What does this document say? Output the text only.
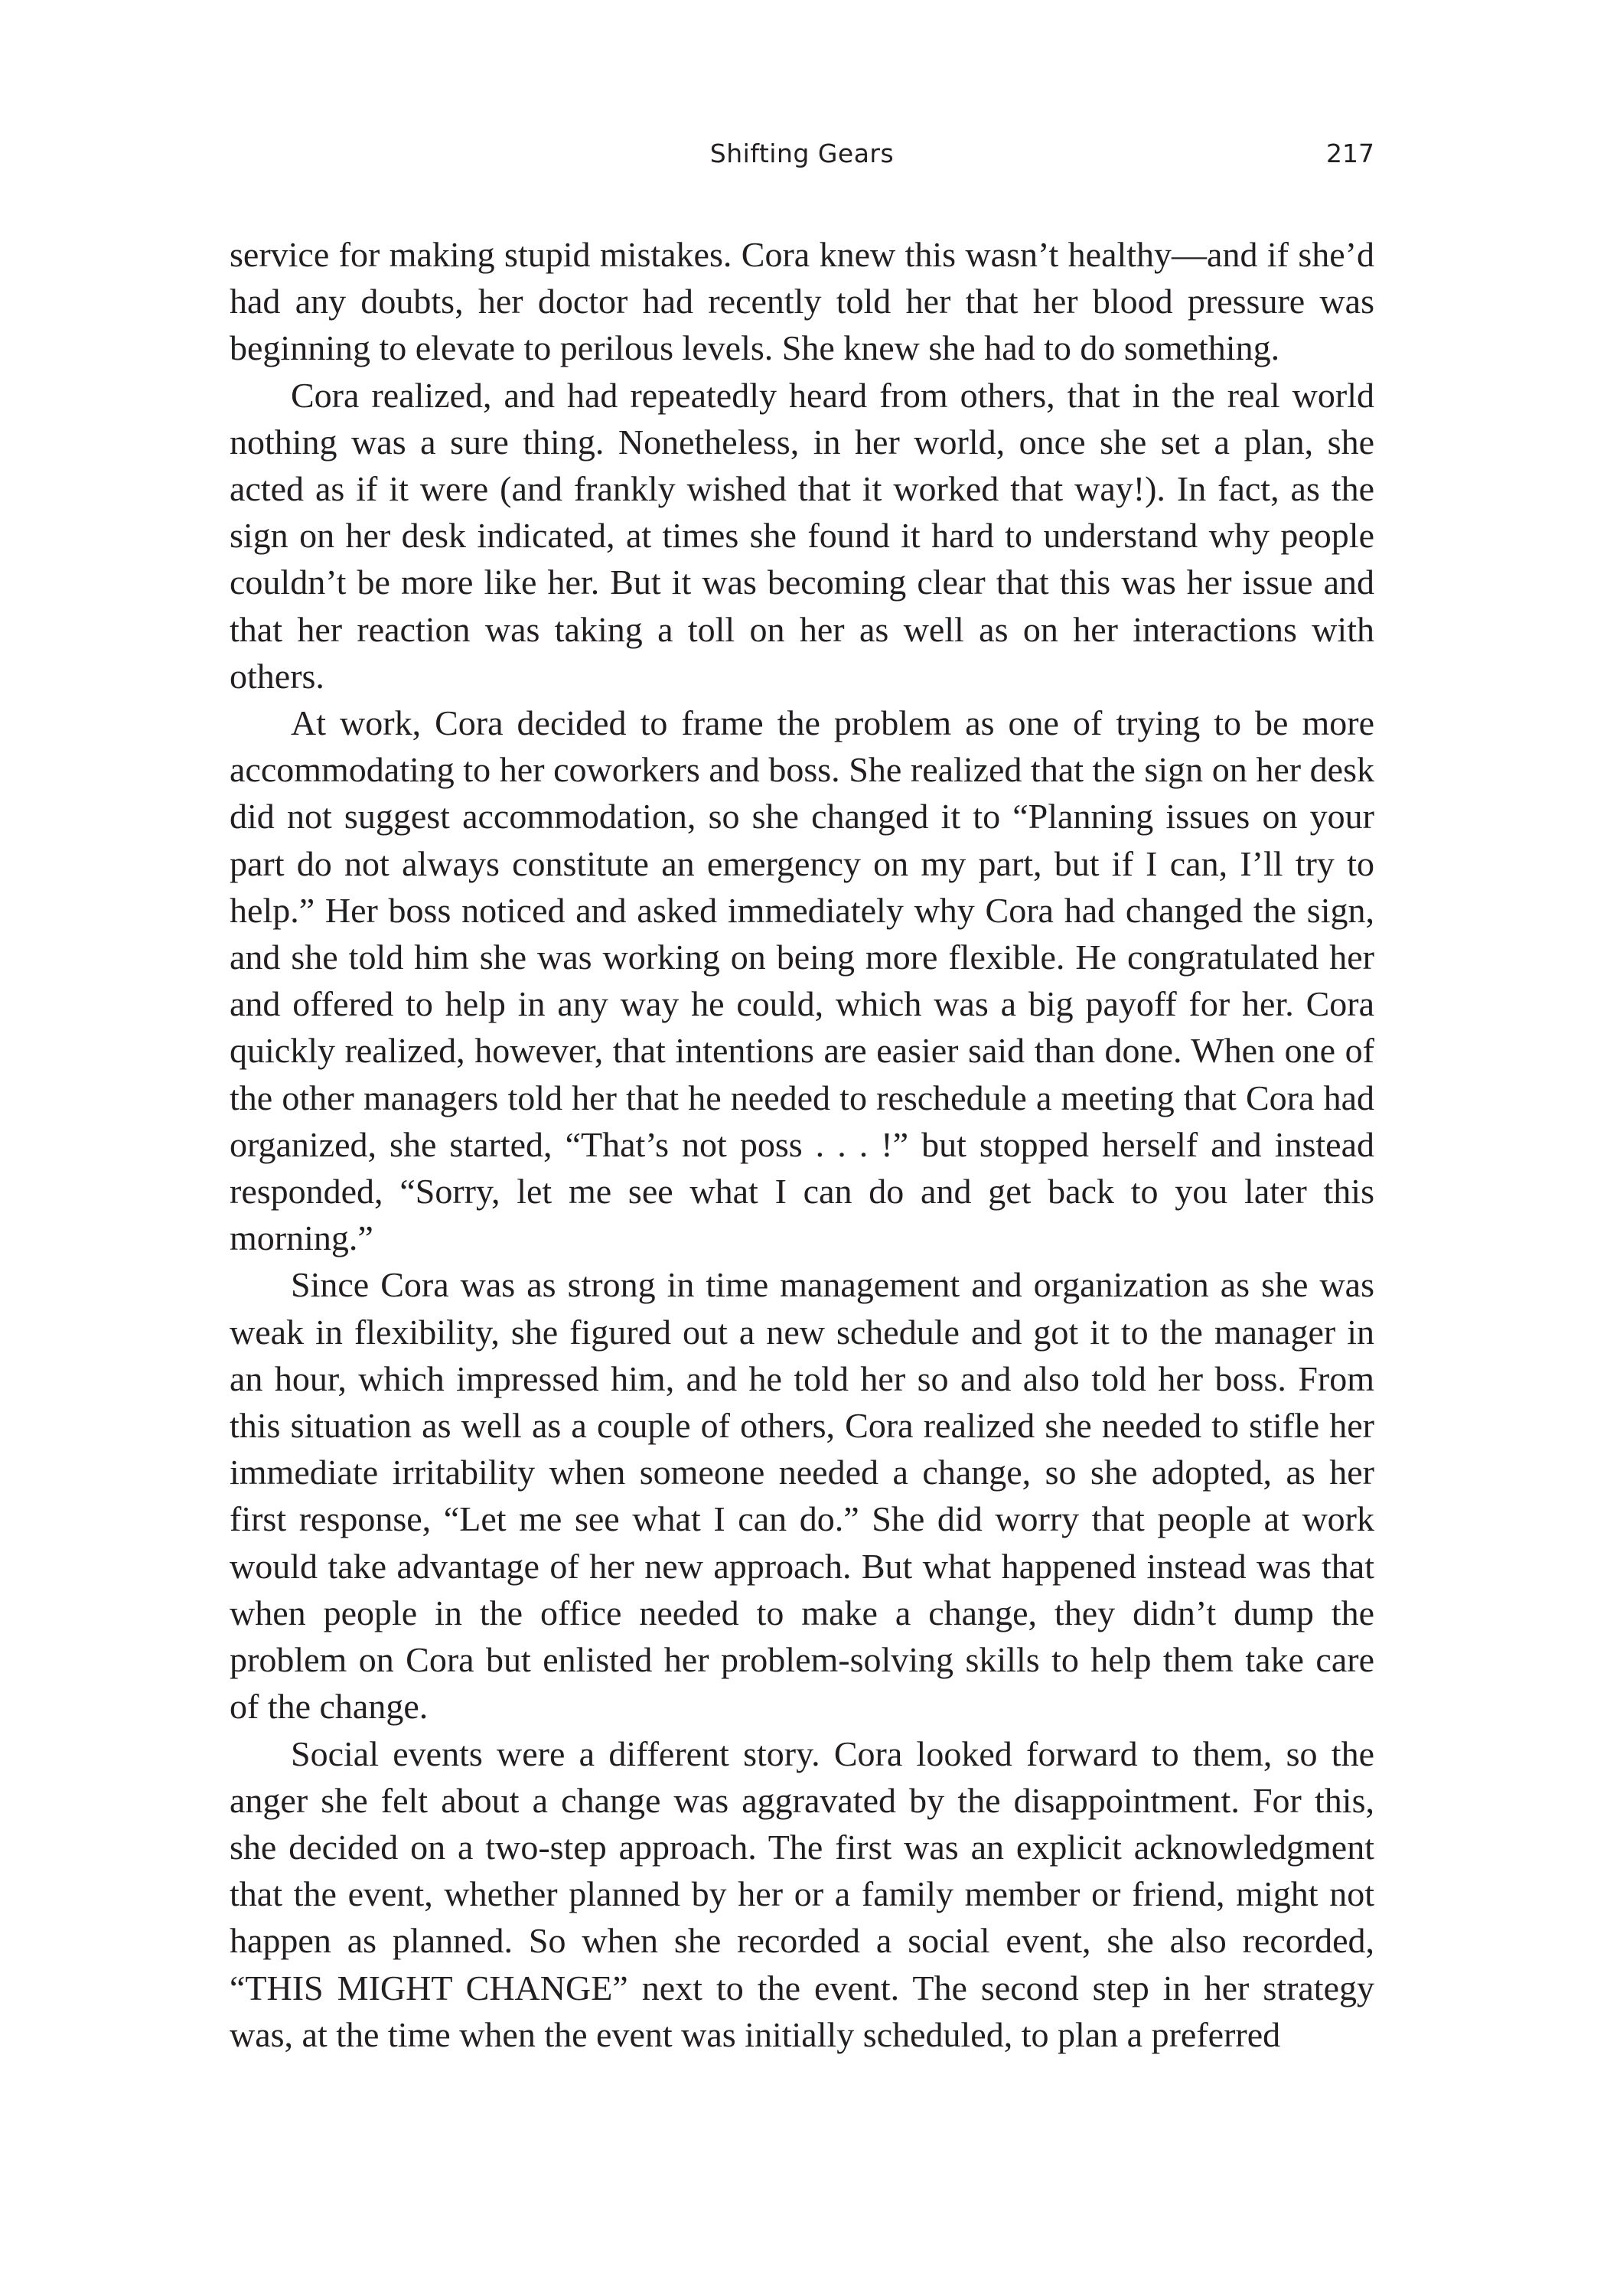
Shifting Gears	217

service for making stupid mistakes. Cora knew this wasn’t healthy—and if she’d had any doubts, her doctor had recently told her that her blood pressure was beginning to elevate to perilous levels. She knew she had to do something.

Cora realized, and had repeatedly heard from others, that in the real world nothing was a sure thing. Nonetheless, in her world, once she set a plan, she acted as if it were (and frankly wished that it worked that way!). In fact, as the sign on her desk indicated, at times she found it hard to understand why people couldn’t be more like her. But it was becoming clear that this was her issue and that her reaction was taking a toll on her as well as on her interactions with others.

At work, Cora decided to frame the problem as one of trying to be more accommodating to her coworkers and boss. She realized that the sign on her desk did not suggest accommodation, so she changed it to “Planning issues on your part do not always constitute an emergency on my part, but if I can, I’ll try to help.” Her boss noticed and asked immediately why Cora had changed the sign, and she told him she was working on being more flexible. He congratulated her and offered to help in any way he could, which was a big payoff for her. Cora quickly realized, however, that intentions are easier said than done. When one of the other managers told her that he needed to reschedule a meeting that Cora had organized, she started, “That’s not poss . . . !” but stopped herself and instead responded, “Sorry, let me see what I can do and get back to you later this morning.”

Since Cora was as strong in time management and organization as she was weak in flexibility, she figured out a new schedule and got it to the manager in an hour, which impressed him, and he told her so and also told her boss. From this situation as well as a couple of others, Cora realized she needed to stifle her immediate irritability when someone needed a change, so she adopted, as her first response, “Let me see what I can do.” She did worry that people at work would take advantage of her new approach. But what happened instead was that when people in the office needed to make a change, they didn’t dump the problem on Cora but enlisted her problem-solving skills to help them take care of the change.

Social events were a different story. Cora looked forward to them, so the anger she felt about a change was aggravated by the disappointment. For this, she decided on a two-step approach. The first was an explicit acknowledgment that the event, whether planned by her or a family member or friend, might not happen as planned. So when she recorded a social event, she also recorded, “THIS MIGHT CHANGE” next to the event. The second step in her strategy was, at the time when the event was initially scheduled, to plan a preferred
